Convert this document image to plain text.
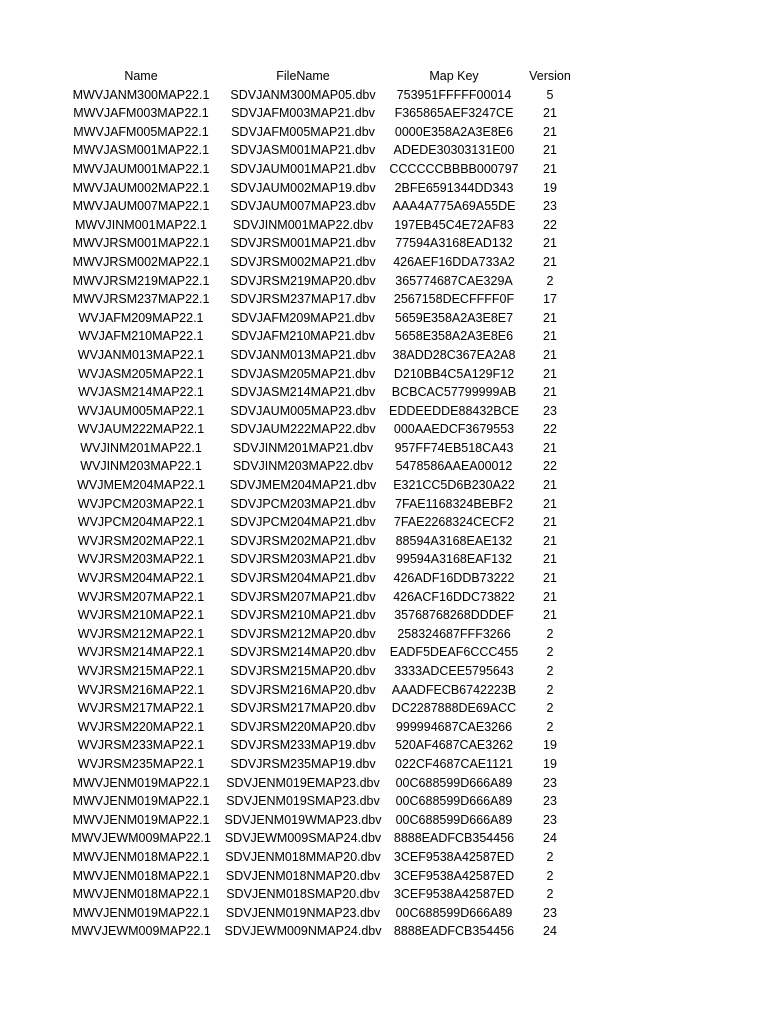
Name	FileName	Map Key	Version
MWVJANM300MAP22.1	SDVJANM300MAP05.dbv	753951FFFFF00014	5
MWVJAFM003MAP22.1	SDVJAFM003MAP21.dbv	F365865AEF3247CE	21
MWVJAFM005MAP22.1	SDVJAFM005MAP21.dbv	0000E358A2A3E8E6	21
MWVJASM001MAP22.1	SDVJASM001MAP21.dbv	ADEDE30303131E00	21
MWVJAUM001MAP22.1	SDVJAUM001MAP21.dbv	CCCCCCBBBB000797	21
MWVJAUM002MAP22.1	SDVJAUM002MAP19.dbv	2BFE6591344DD343	19
MWVJAUM007MAP22.1	SDVJAUM007MAP23.dbv	AAA4A775A69A55DE	23
MWVJINM001MAP22.1	SDVJINM001MAP22.dbv	197EB45C4E72AF83	22
MWVJRSM001MAP22.1	SDVJRSM001MAP21.dbv	77594A3168EAD132	21
MWVJRSM002MAP22.1	SDVJRSM002MAP21.dbv	426AEF16DDA733A2	21
MWVJRSM219MAP22.1	SDVJRSM219MAP20.dbv	365774687CAE329A	2
MWVJRSM237MAP22.1	SDVJRSM237MAP17.dbv	2567158DECFFFF0F	17
WVJAFM209MAP22.1	SDVJAFM209MAP21.dbv	5659E358A2A3E8E7	21
WVJAFM210MAP22.1	SDVJAFM210MAP21.dbv	5658E358A2A3E8E6	21
WVJANM013MAP22.1	SDVJANM013MAP21.dbv	38ADD28C367EA2A8	21
WVJASM205MAP22.1	SDVJASM205MAP21.dbv	D210BB4C5A129F12	21
WVJASM214MAP22.1	SDVJASM214MAP21.dbv	BCBCAC57799999AB	21
WVJAUM005MAP22.1	SDVJAUM005MAP23.dbv	EDDEEDDE88432BCE	23
WVJAUM222MAP22.1	SDVJAUM222MAP22.dbv	000AAEDCF3679553	22
WVJINM201MAP22.1	SDVJINM201MAP21.dbv	957FF74EB518CA43	21
WVJINM203MAP22.1	SDVJINM203MAP22.dbv	5478586AAEA00012	22
WVJMEM204MAP22.1	SDVJMEM204MAP21.dbv	E321CC5D6B230A22	21
WVJPCM203MAP22.1	SDVJPCM203MAP21.dbv	7FAE1168324BEBF2	21
WVJPCM204MAP22.1	SDVJPCM204MAP21.dbv	7FAE2268324CECF2	21
WVJRSM202MAP22.1	SDVJRSM202MAP21.dbv	88594A3168EAE132	21
WVJRSM203MAP22.1	SDVJRSM203MAP21.dbv	99594A3168EAF132	21
WVJRSM204MAP22.1	SDVJRSM204MAP21.dbv	426ADF16DDB73222	21
WVJRSM207MAP22.1	SDVJRSM207MAP21.dbv	426ACF16DDC73822	21
WVJRSM210MAP22.1	SDVJRSM210MAP21.dbv	35768768268DDDEF	21
WVJRSM212MAP22.1	SDVJRSM212MAP20.dbv	258324687FFF3266	2
WVJRSM214MAP22.1	SDVJRSM214MAP20.dbv	EADF5DEAF6CCC455	2
WVJRSM215MAP22.1	SDVJRSM215MAP20.dbv	3333ADCEE5795643	2
WVJRSM216MAP22.1	SDVJRSM216MAP20.dbv	AAADFECB6742223B	2
WVJRSM217MAP22.1	SDVJRSM217MAP20.dbv	DC2287888DE69ACC	2
WVJRSM220MAP22.1	SDVJRSM220MAP20.dbv	999994687CAE3266	2
WVJRSM233MAP22.1	SDVJRSM233MAP19.dbv	520AF4687CAE3262	19
WVJRSM235MAP22.1	SDVJRSM235MAP19.dbv	022CF4687CAE1121	19
MWVJENM019MAP22.1	SDVJENM019EMAP23.dbv	00C688599D666A89	23
MWVJENM019MAP22.1	SDVJENM019SMAP23.dbv	00C688599D666A89	23
MWVJENM019MAP22.1	SDVJENM019WMAP23.dbv	00C688599D666A89	23
MWVJEWM009MAP22.1	SDVJEWM009SMAP24.dbv	8888EADFCB354456	24
MWVJENM018MAP22.1	SDVJENM018MMAP20.dbv	3CEF9538A42587ED	2
MWVJENM018MAP22.1	SDVJENM018NMAP20.dbv	3CEF9538A42587ED	2
MWVJENM018MAP22.1	SDVJENM018SMAP20.dbv	3CEF9538A42587ED	2
MWVJENM019MAP22.1	SDVJENM019NMAP23.dbv	00C688599D666A89	23
MWVJEWM009MAP22.1	SDVJEWM009NMAP24.dbv 8888EADFCB354456	24
